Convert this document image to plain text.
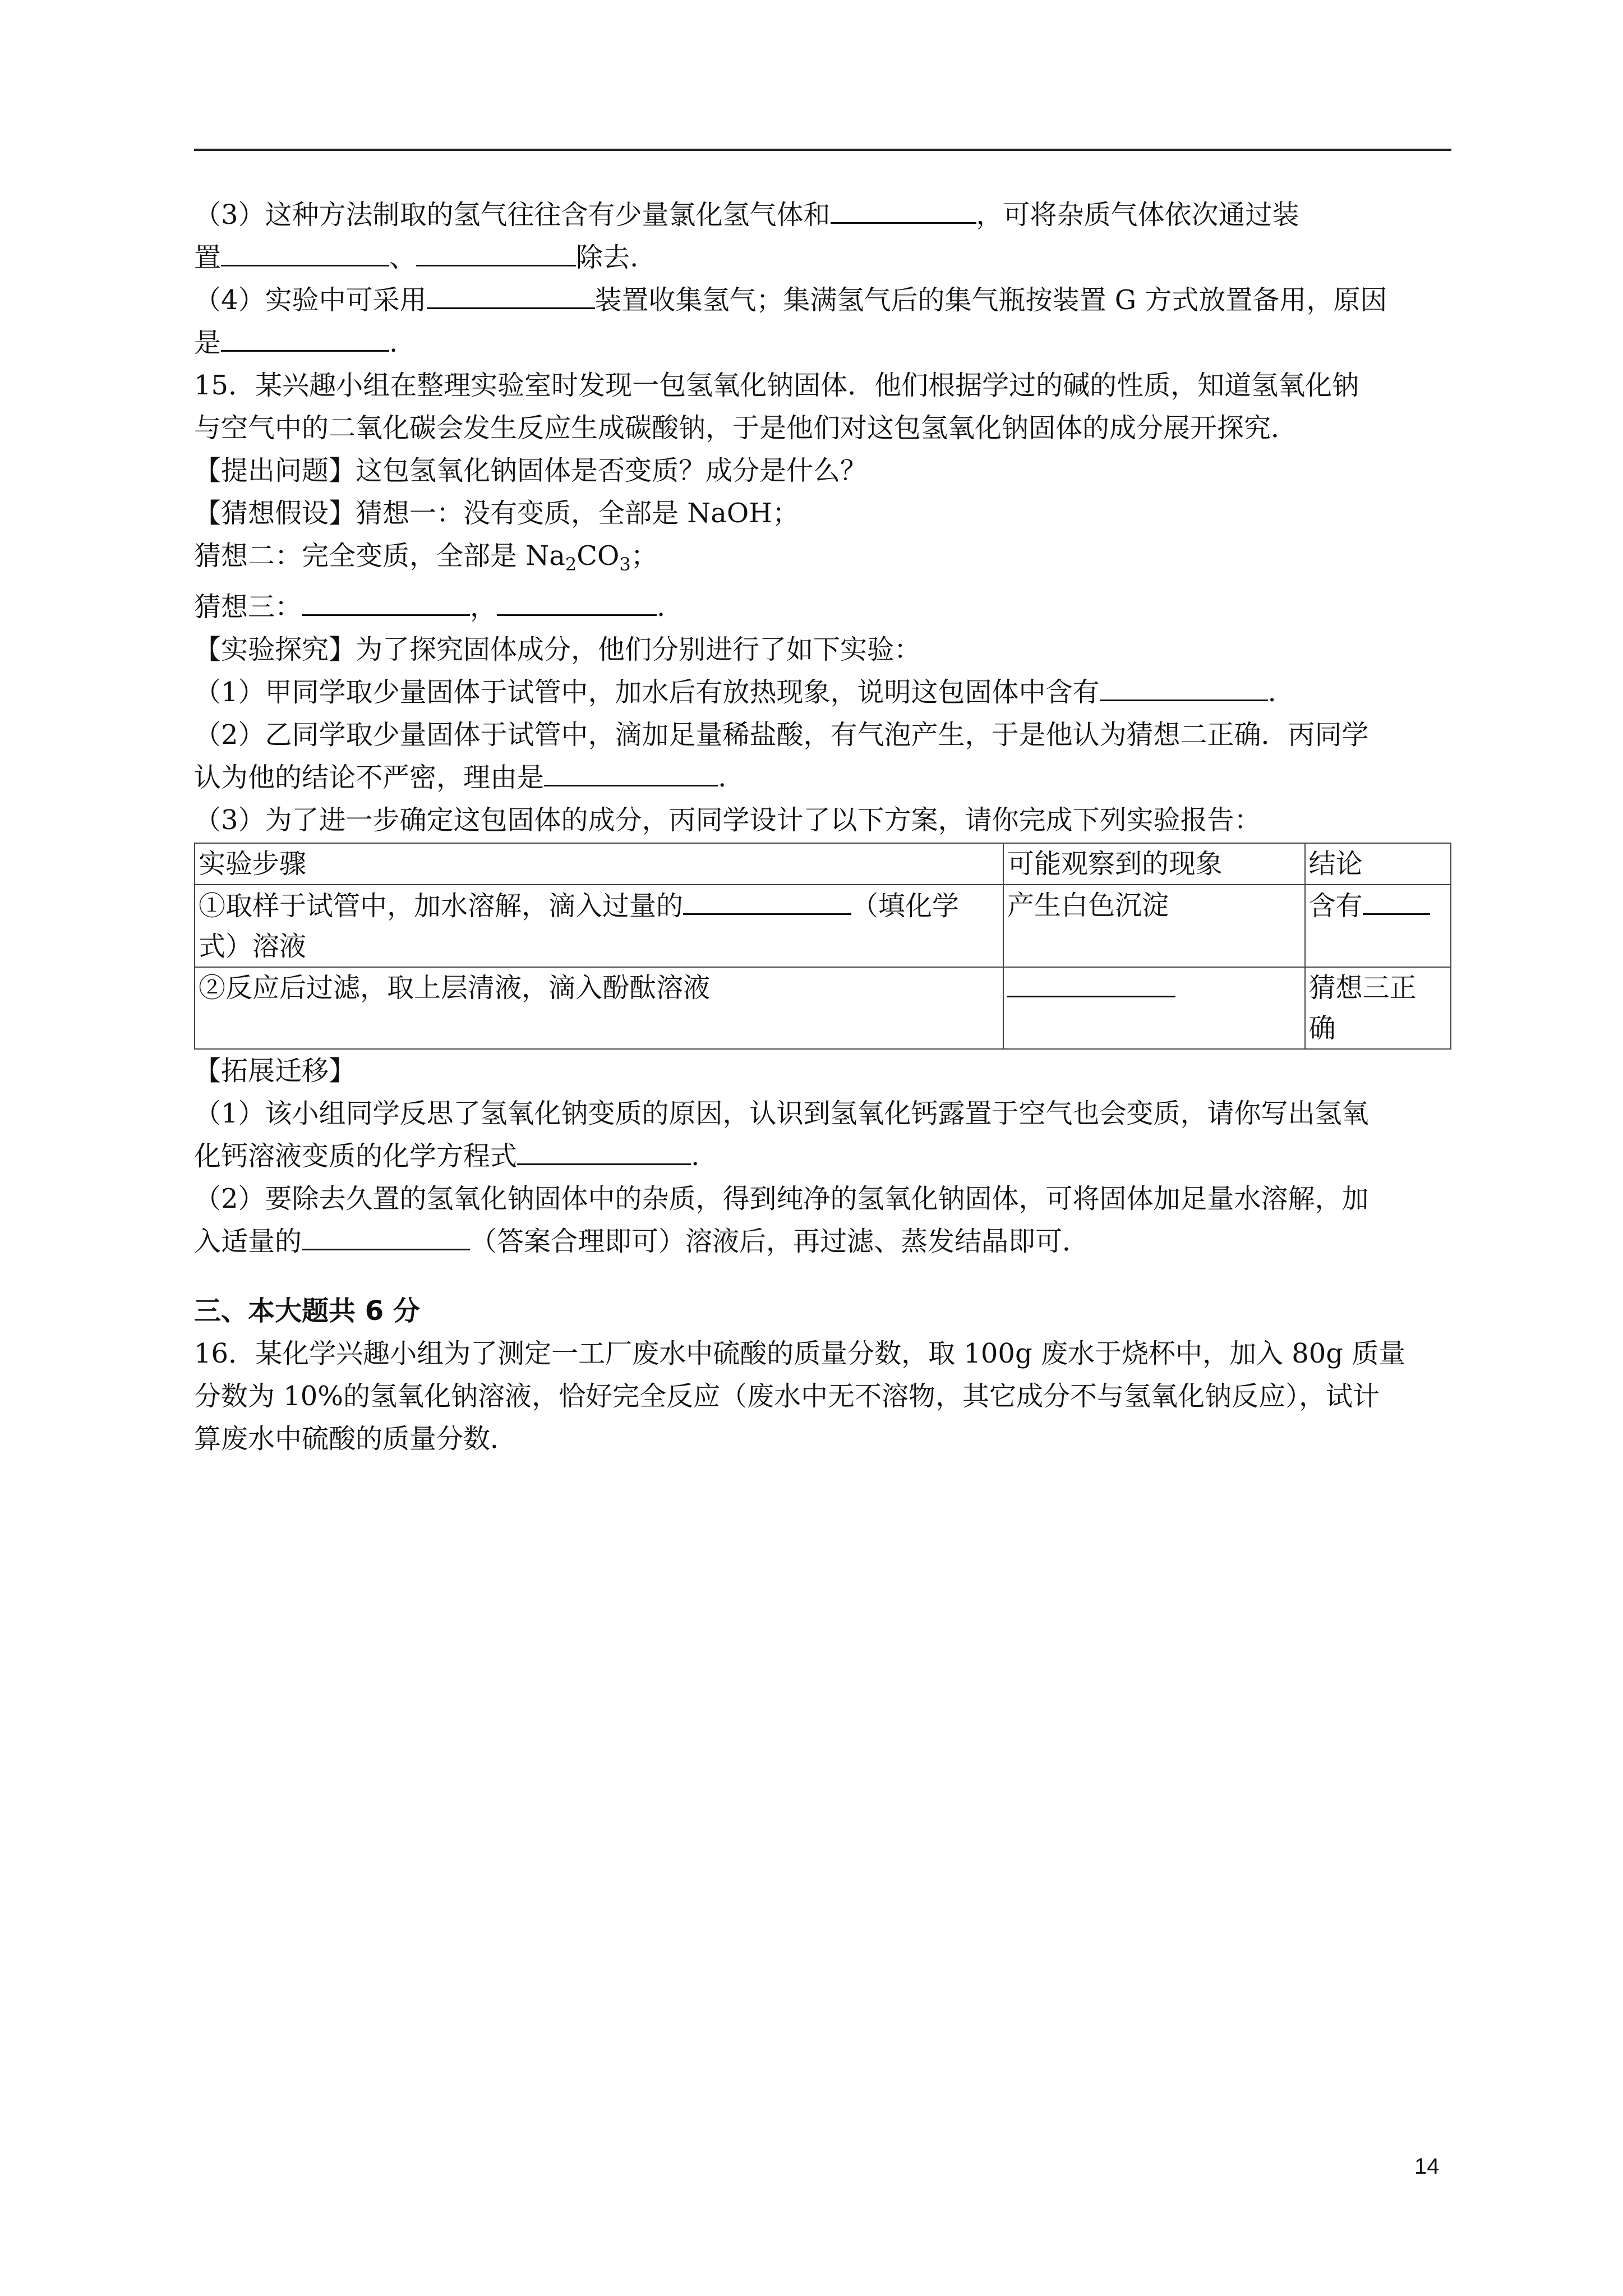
（3）这种方法制取的氢气往往含有少量氯化氢气体和	，可将杂质气体依次通过装
置	、	除去.
（4）实验中可采用	装置收集氢气；集满氢气后的集气瓶按装置 G 方式放置备用，原因
是	.
15．某兴趣小组在整理实验室时发现一包氢氧化钠固体．他们根据学过的碱的性质，知道氢氧化钠
与空气中的二氧化碳会发生反应生成碳酸钠，于是他们对这包氢氧化钠固体的成分展开探究．
【提出问题】这包氢氧化钠固体是否变质？成分是什么？
【猜想假设】猜想一：没有变质，全部是 NaOH；
猜想二：完全变质，全部是 $Na_2CO_3$；
猜想三：	，	.
【实验探究】为了探究固体成分，他们分别进行了如下实验：
（1）甲同学取少量固体于试管中，加水后有放热现象，说明这包固体中含有	.
（2）乙同学取少量固体于试管中，滴加足量稀盐酸，有气泡产生，于是他认为猜想二正确．丙同学
认为他的结论不严密，理由是	.
（3）为了进一步确定这包固体的成分，丙同学设计了以下方案，请你完成下列实验报告：
实验步骤	可能观察到的现象	结论

①取样于试管中，加水溶解，滴入过量的 （填化学
式）溶液	产生白色沉淀	含有
②反应后过滤，取上层清液，滴入酚酞溶液		猜想三正
确
【拓展迁移】
（1）该小组同学反思了氢氧化钠变质的原因，认识到氢氧化钙露置于空气也会变质，请你写出氢氧
化钙溶液变质的化学方程式	.
（2）要除去久置的氢氧化钠固体中的杂质，得到纯净的氢氧化钠固体，可将固体加足量水溶解，加
入适量的	（答案合理即可）溶液后，再过滤、蒸发结晶即可．
三、本大题共 6 分
16．某化学兴趣小组为了测定一工厂废水中硫酸的质量分数，取 100g 废水于烧杯中，加入 80g 质量
分数为 10%的氢氧化钠溶液，恰好完全反应（废水中无不溶物，其它成分不与氢氧化钠反应），试计
算废水中硫酸的质量分数．
14
